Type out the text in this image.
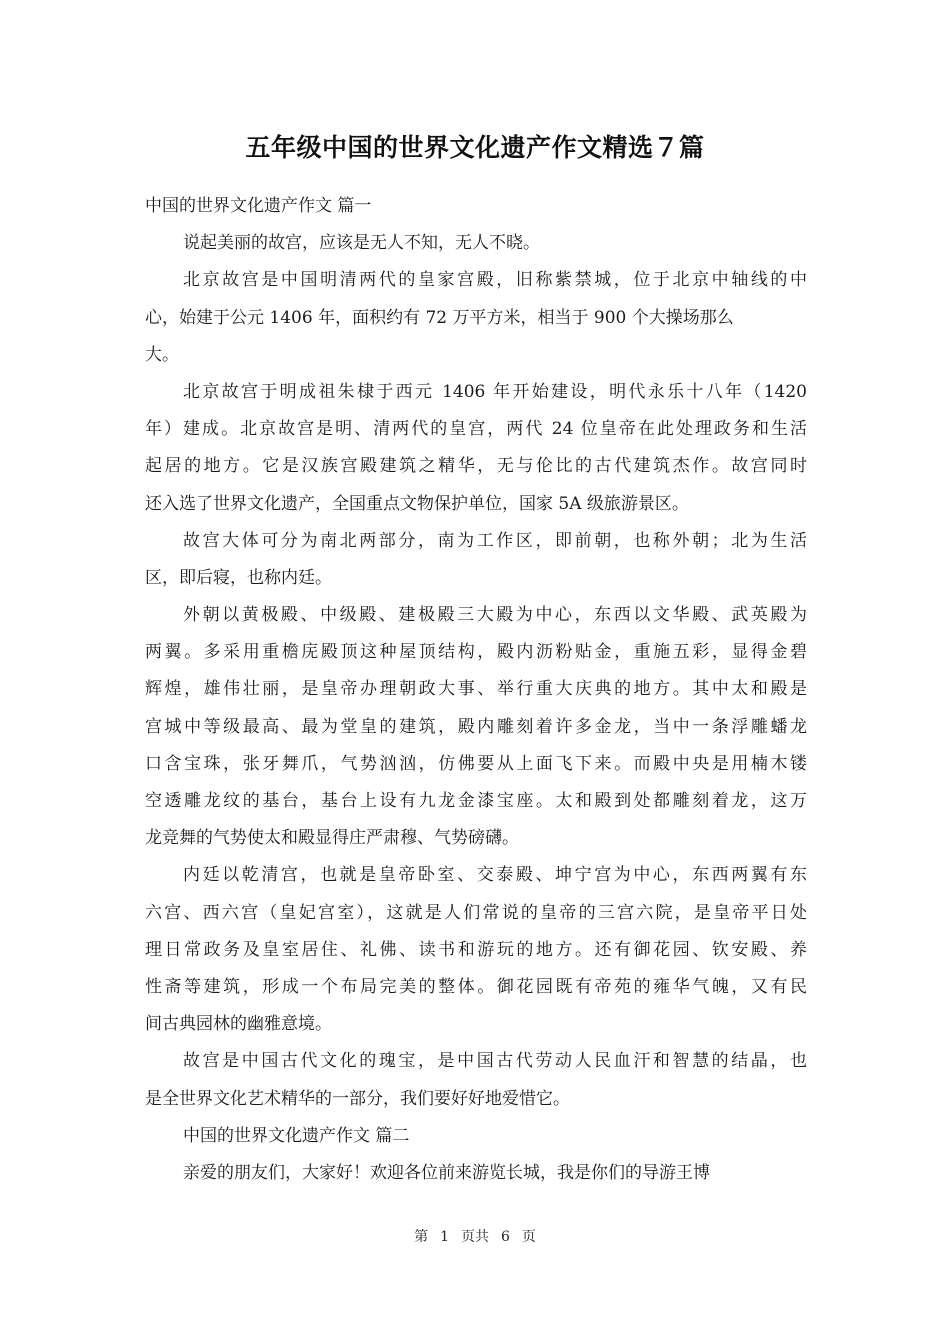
五年级中国的世界文化遗产作文精选７篇
中国的世界文化遗产作文 篇一
说起美丽的故宫，应该是无人不知，无人不晓。
北京故宫是中国明清两代的皇家宫殿，旧称紫禁城，位于北京中轴线的中
心，始建于公元 1406 年，面积约有 72 万平方米，相当于 900 个大操场那么
大。
北京故宫于明成祖朱棣于西元 1406 年开始建设，明代永乐十八年（1420
年）建成。北京故宫是明、清两代的皇宫，两代 24 位皇帝在此处理政务和生活
起居的地方。它是汉族宫殿建筑之精华，无与伦比的古代建筑杰作。故宫同时
还入选了世界文化遗产，全国重点文物保护单位，国家 5A 级旅游景区。
故宫大体可分为南北两部分，南为工作区，即前朝，也称外朝；北为生活
区，即后寝，也称内廷。
外朝以黄极殿、中级殿、建极殿三大殿为中心，东西以文华殿、武英殿为
两翼。多采用重檐庑殿顶这种屋顶结构，殿内沥粉贴金，重施五彩，显得金碧
辉煌，雄伟壮丽，是皇帝办理朝政大事、举行重大庆典的地方。其中太和殿是
宫城中等级最高、最为堂皇的建筑，殿内雕刻着许多金龙，当中一条浮雕蟠龙
口含宝珠，张牙舞爪，气势汹汹，仿佛要从上面飞下来。而殿中央是用楠木镂
空透雕龙纹的基台，基台上设有九龙金漆宝座。太和殿到处都雕刻着龙，这万
龙竞舞的气势使太和殿显得庄严肃穆、气势磅礴。
内廷以乾清宫，也就是皇帝卧室、交泰殿、坤宁宫为中心，东西两翼有东
六宫、西六宫（皇妃宫室），这就是人们常说的皇帝的三宫六院，是皇帝平日处
理日常政务及皇室居住、礼佛、读书和游玩的地方。还有御花园、钦安殿、养
性斋等建筑，形成一个布局完美的整体。御花园既有帝苑的雍华气魄，又有民
间古典园林的幽雅意境。
故宫是中国古代文化的瑰宝，是中国古代劳动人民血汗和智慧的结晶，也
是全世界文化艺术精华的一部分，我们要好好地爱惜它。
中国的世界文化遗产作文 篇二
亲爱的朋友们，大家好！欢迎各位前来游览长城，我是你们的导游王博
第 1 页共 6 页
